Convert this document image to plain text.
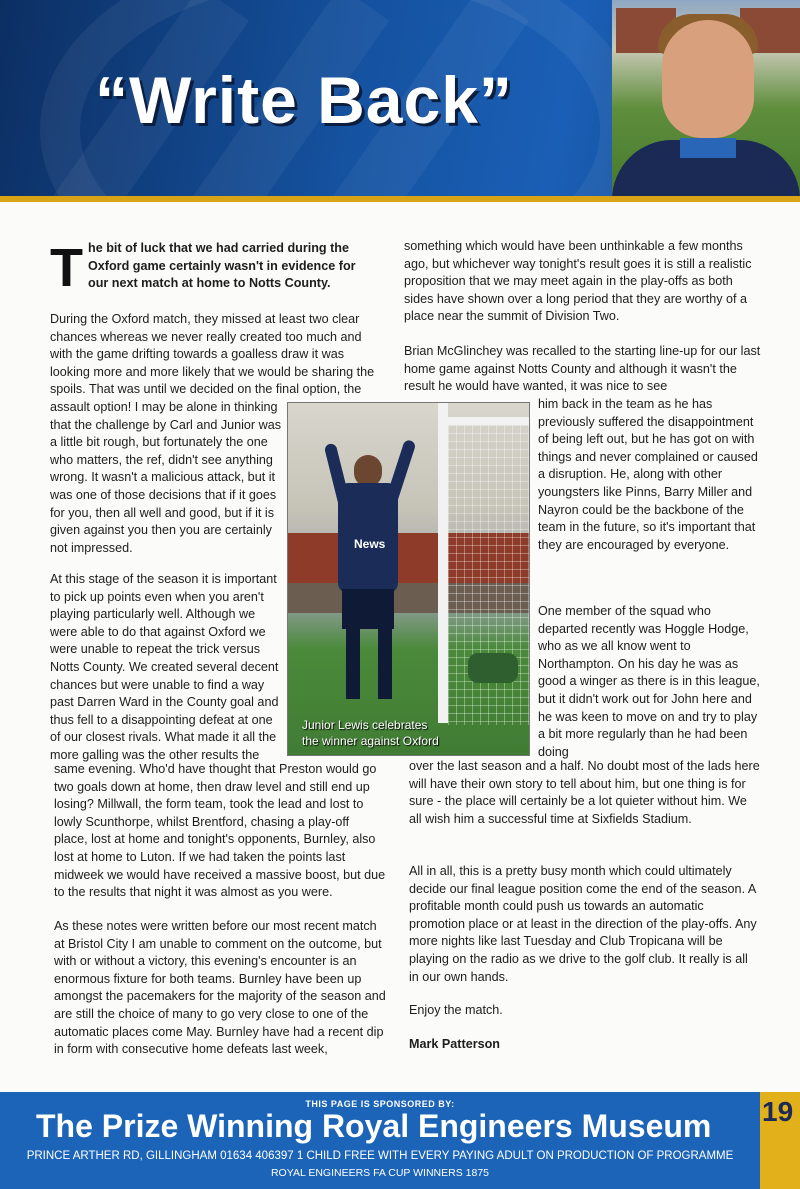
“Write Back”
T he bit of luck that we had carried during the Oxford game certainly wasn't in evidence for our next match at home to Notts County.
During the Oxford match, they missed at least two clear chances whereas we never really created too much and with the game drifting towards a goalless draw it was looking more and more likely that we would be sharing the spoils. That was until we decided on the final option, the
assault option! I may be alone in thinking that the challenge by Carl and Junior was a little bit rough, but fortunately the one who matters, the ref, didn't see anything wrong. It wasn't a malicious attack, but it was one of those decisions that if it goes for you, then all well and good, but if it is given against you then you are certainly not impressed.
At this stage of the season it is important to pick up points even when you aren't playing particularly well. Although we were able to do that against Oxford we were unable to repeat the trick versus Notts County. We created several decent chances but were unable to find a way past Darren Ward in the County goal and thus fell to a disappointing defeat at one of our closest rivals. What made it all the more galling was the other results the
same evening. Who'd have thought that Preston would go two goals down at home, then draw level and still end up losing? Millwall, the form team, took the lead and lost to lowly Scunthorpe, whilst Brentford, chasing a play-off place, lost at home and tonight's opponents, Burnley, also lost at home to Luton. If we had taken the points last midweek we would have received a massive boost, but due to the results that night it was almost as you were.
As these notes were written before our most recent match at Bristol City I am unable to comment on the outcome, but with or without a victory, this evening's encounter is an enormous fixture for both teams. Burnley have been up amongst the pacemakers for the majority of the season and are still the choice of many to go very close to one of the automatic places come May. Burnley have had a recent dip in form with consecutive home defeats last week,
News
Junior Lewis celebrates
the winner against Oxford
something which would have been unthinkable a few months ago, but whichever way tonight's result goes it is still a realistic proposition that we may meet again in the play-offs as both sides have shown over a long period that they are worthy of a place near the summit of Division Two.
Brian McGlinchey was recalled to the starting line-up for our last home game against Notts County and although it wasn't the result he would have wanted, it was nice to see
him back in the team as he has previously suffered the disappointment of being left out, but he has got on with things and never complained or caused a disruption. He, along with other youngsters like Pinns, Barry Miller and Nayron could be the backbone of the team in the future, so it's important that they are encouraged by everyone.
One member of the squad who departed recently was Hoggle Hodge, who as we all know went to Northampton. On his day he was as good a winger as there is in this league, but it didn't work out for John here and he was keen to move on and try to play a bit more regularly than he had been doing
over the last season and a half. No doubt most of the lads here will have their own story to tell about him, but one thing is for sure - the place will certainly be a lot quieter without him. We all wish him a successful time at Sixfields Stadium.
All in all, this is a pretty busy month which could ultimately decide our final league position come the end of the season. A profitable month could push us towards an automatic promotion place or at least in the direction of the play-offs. Any more nights like last Tuesday and Club Tropicana will be playing on the radio as we drive to the golf club. It really is all in our own hands.
Enjoy the match.
Mark Patterson
19
THIS PAGE IS SPONSORED BY:
The Prize Winning Royal Engineers Museum
PRINCE ARTHER RD, GILLINGHAM 01634 406397 1 CHILD FREE WITH EVERY PAYING ADULT ON PRODUCTION OF PROGRAMME
ROYAL ENGINEERS FA CUP WINNERS 1875
